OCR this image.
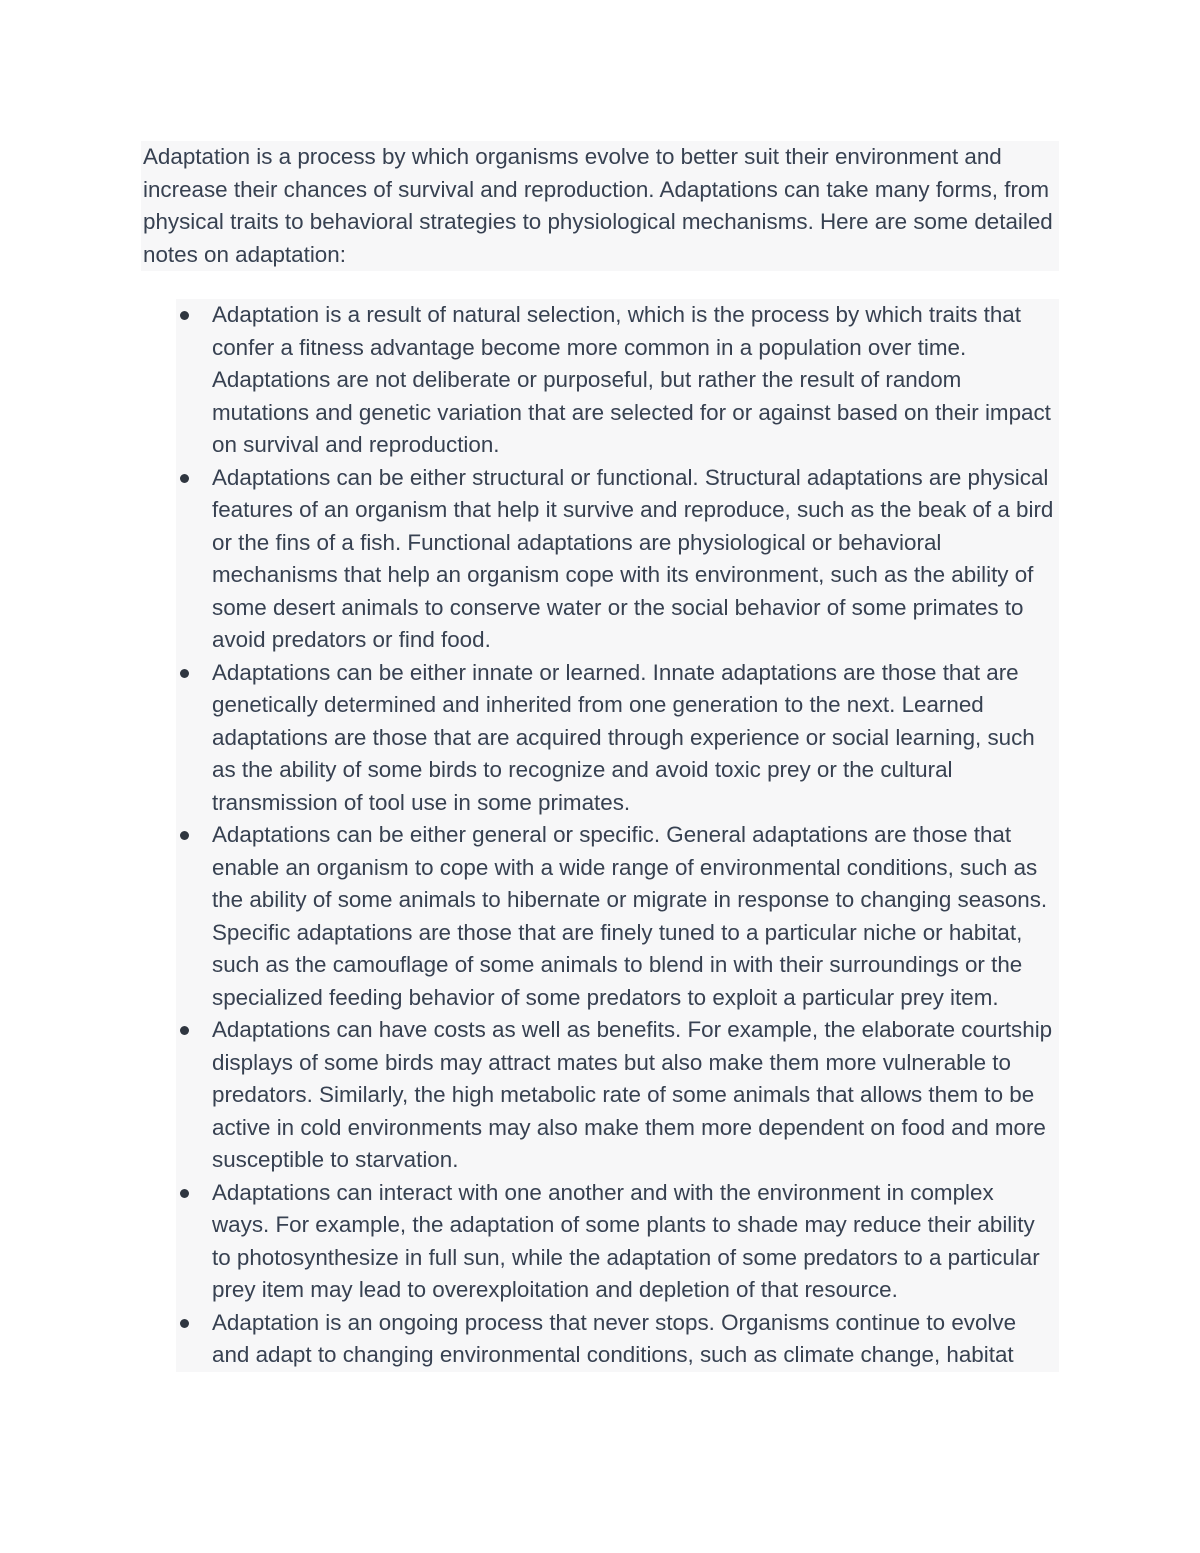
Adaptation is a process by which organisms evolve to better suit their environment and increase their chances of survival and reproduction. Adaptations can take many forms, from physical traits to behavioral strategies to physiological mechanisms. Here are some detailed notes on adaptation:

Adaptation is a result of natural selection, which is the process by which traits that confer a fitness advantage become more common in a population over time. Adaptations are not deliberate or purposeful, but rather the result of random mutations and genetic variation that are selected for or against based on their impact on survival and reproduction.
Adaptations can be either structural or functional. Structural adaptations are physical features of an organism that help it survive and reproduce, such as the beak of a bird or the fins of a fish. Functional adaptations are physiological or behavioral mechanisms that help an organism cope with its environment, such as the ability of some desert animals to conserve water or the social behavior of some primates to avoid predators or find food.
Adaptations can be either innate or learned. Innate adaptations are those that are genetically determined and inherited from one generation to the next. Learned adaptations are those that are acquired through experience or social learning, such as the ability of some birds to recognize and avoid toxic prey or the cultural transmission of tool use in some primates.
Adaptations can be either general or specific. General adaptations are those that enable an organism to cope with a wide range of environmental conditions, such as the ability of some animals to hibernate or migrate in response to changing seasons. Specific adaptations are those that are finely tuned to a particular niche or habitat, such as the camouflage of some animals to blend in with their surroundings or the specialized feeding behavior of some predators to exploit a particular prey item.
Adaptations can have costs as well as benefits. For example, the elaborate courtship displays of some birds may attract mates but also make them more vulnerable to predators. Similarly, the high metabolic rate of some animals that allows them to be active in cold environments may also make them more dependent on food and more susceptible to starvation.
Adaptations can interact with one another and with the environment in complex ways. For example, the adaptation of some plants to shade may reduce their ability to photosynthesize in full sun, while the adaptation of some predators to a particular prey item may lead to overexploitation and depletion of that resource.
Adaptation is an ongoing process that never stops. Organisms continue to evolve and adapt to changing environmental conditions, such as climate change, habitat
